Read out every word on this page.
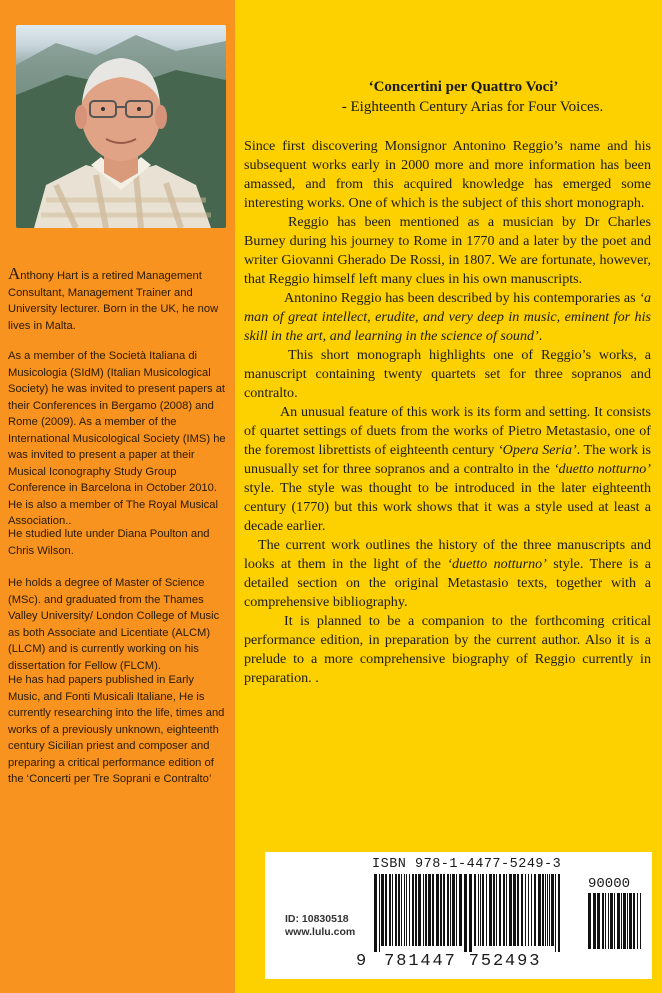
Anthony Hart is a retired Management Consultant, Management Trainer and University lecturer. Born in the UK, he now lives in Malta.
As a member of the Società Italiana di Musicologia (SIdM) (Italian Musicological Society) he was invited to present papers at their Conferences in Bergamo (2008) and Rome (2009). As a member of the International Musicological Society (IMS) he was invited to present a paper at their Musical Iconography Study Group Conference in Barcelona in October 2010. He is also a member of The Royal Musical Association..
He studied lute under Diana Poulton and Chris Wilson.
He holds a degree of Master of Science (MSc). and graduated from the Thames Valley University/ London College of Music as both Associate and Licentiate (ALCM) (LLCM) and is currently working on his dissertation for Fellow (FLCM).
He has had papers published in Early Music, and Fonti Musicali Italiane, He is currently researching into the life, times and works of a previously unknown, eighteenth century Sicilian priest and composer and preparing a critical performance edition of the ‘Concerti per Tre Soprani e Contralto’
‘Concertini per Quattro Voci’
- Eighteenth Century Arias for Four Voices.

Since first discovering Monsignor Antonino Reggio’s name and his subsequent works early in 2000 more and more information has been amassed, and from this acquired knowledge has emerged some interesting works. One of which is the subject of this short monograph.

Reggio has been mentioned as a musician by Dr Charles Burney during his journey to Rome in 1770 and a later by the poet and writer Giovanni Gherado De Rossi, in 1807. We are fortunate, however, that Reggio himself left many clues in his own manuscripts.

Antonino Reggio has been described by his contemporaries as ‘a man of great intellect, erudite, and very deep in music, eminent for his skill in the art, and learning in the science of sound’.

This short monograph highlights one of Reggio’s works, a manuscript containing twenty quartets set for three sopranos and contralto.

An unusual feature of this work is its form and setting. It consists of quartet settings of duets from the works of Pietro Metastasio, one of the foremost librettists of eighteenth century ‘Opera Seria’. The work is unusually set for three sopranos and a contralto in the ‘duetto notturno’ style. The style was thought to be introduced in the later eighteenth century (1770) but this work shows that it was a style used at least a decade earlier.

The current work outlines the history of the three manuscripts and looks at them in the light of the ‘duetto notturno’ style. There is a detailed section on the original Metastasio texts, together with a comprehensive bibliography.

It is planned to be a companion to the forthcoming critical performance edition, in preparation by the current author. Also it is a prelude to a more comprehensive biography of Reggio currently in preparation. .

ISBN 978-1-4477-5249-3
90000
ID: 10830518
www.lulu.com
9 781447 752493
